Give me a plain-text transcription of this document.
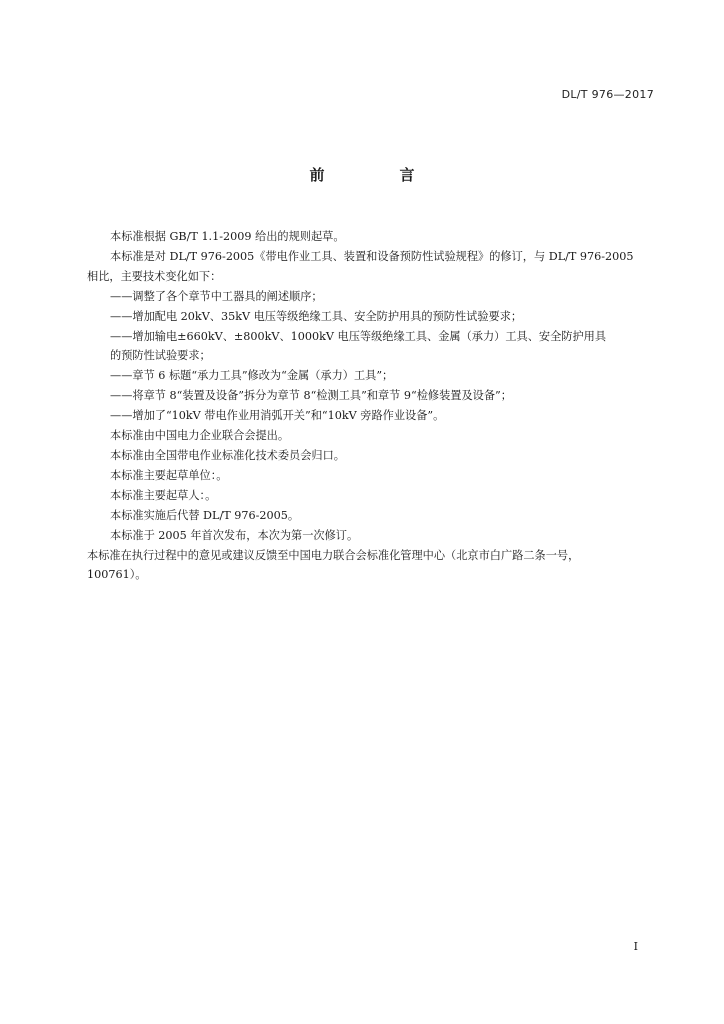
DL/T 976—2017
前　言
本标准根据 GB/T 1.1-2009 给出的规则起草。
本标准是对 DL/T 976-2005《带电作业工具、装置和设备预防性试验规程》的修订，与 DL/T 976-2005
相比，主要技术变化如下：
——调整了各个章节中工器具的阐述顺序；
——增加配电 20kV、35kV 电压等级绝缘工具、安全防护用具的预防性试验要求；
——增加输电±660kV、±800kV、1000kV 电压等级绝缘工具、金属（承力）工具、安全防护用具
的预防性试验要求；
——章节 6 标题“承力工具”修改为“金属（承力）工具”；
——将章节 8“装置及设备”拆分为章节 8“检测工具”和章节 9“检修装置及设备”；
——增加了“10kV 带电作业用消弧开关”和“10kV 旁路作业设备”。
本标准由中国电力企业联合会提出。
本标准由全国带电作业标准化技术委员会归口。
本标准主要起草单位：。
本标准主要起草人：。
本标准实施后代替 DL/T 976-2005。
本标准于 2005 年首次发布，本次为第一次修订。
本标准在执行过程中的意见或建议反馈至中国电力联合会标准化管理中心（北京市白广路二条一号，
100761）。
I
